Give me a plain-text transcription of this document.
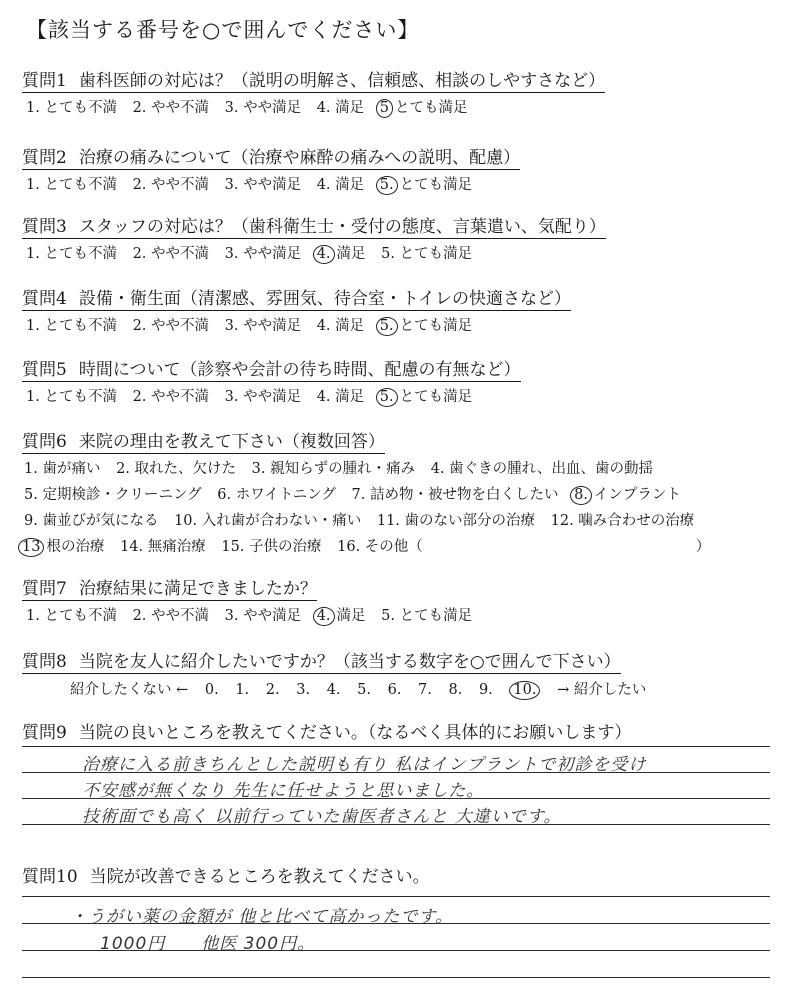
【該当する番号を○で囲んでください】
質問1 歯科医師の対応は？（説明の明解さ、信頼感、相談のしやすさなど）
1. とても不満 2. やや不満 3. やや満足 4. 満足 5 とても満足
質問2 治療の痛みについて（治療や麻酔の痛みへの説明、配慮）
1. とても不満 2. やや不満 3. やや満足 4. 満足 5. とても満足
質問3 スタッフの対応は？（歯科衛生士・受付の態度、言葉遣い、気配り）
1. とても不満 2. やや不満 3. やや満足 4. 満足 5. とても満足
質問4 設備・衛生面（清潔感、雰囲気、待合室・トイレの快適さなど）
1. とても不満 2. やや不満 3. やや満足 4. 満足 5. とても満足
質問5 時間について（診察や会計の待ち時間、配慮の有無など）
1. とても不満 2. やや不満 3. やや満足 4. 満足 5. とても満足
質問6 来院の理由を教えて下さい（複数回答）
1. 歯が痛い 2. 取れた、欠けた 3. 親知らずの腫れ・痛み 4. 歯ぐきの腫れ、出血、歯の動揺
5. 定期検診・クリーニング 6. ホワイトニング 7. 詰め物・被せ物を白くしたい 8. インプラント
9. 歯並びが気になる 10. 入れ歯が合わない・痛い 11. 歯のない部分の治療 12. 噛み合わせの治療
13 根の治療 14. 無痛治療 15. 子供の治療 16. その他（	）
質問7 治療結果に満足できましたか？
1. とても不満 2. やや不満 3. やや満足 4. 満足 5. とても満足
質問8 当院を友人に紹介したいですか？（該当する数字を○で囲んで下さい）
紹介したくない ← 0. 1. 2. 3. 4. 5. 6. 7. 8. 9. 10. → 紹介したい
質問9 当院の良いところを教えてください。（なるべく具体的にお願いします）
治療に入る前きちんとした説明も有り 私はインプラントで初診を受け
不安感が無くなり 先生に任せようと思いました。
技術面でも高く 以前行っていた歯医者さんと 大違いです。
質問10 当院が改善できるところを教えてください。
・うがい薬の金額が 他と比べて高かったです。
1000円　　他医 300円。
